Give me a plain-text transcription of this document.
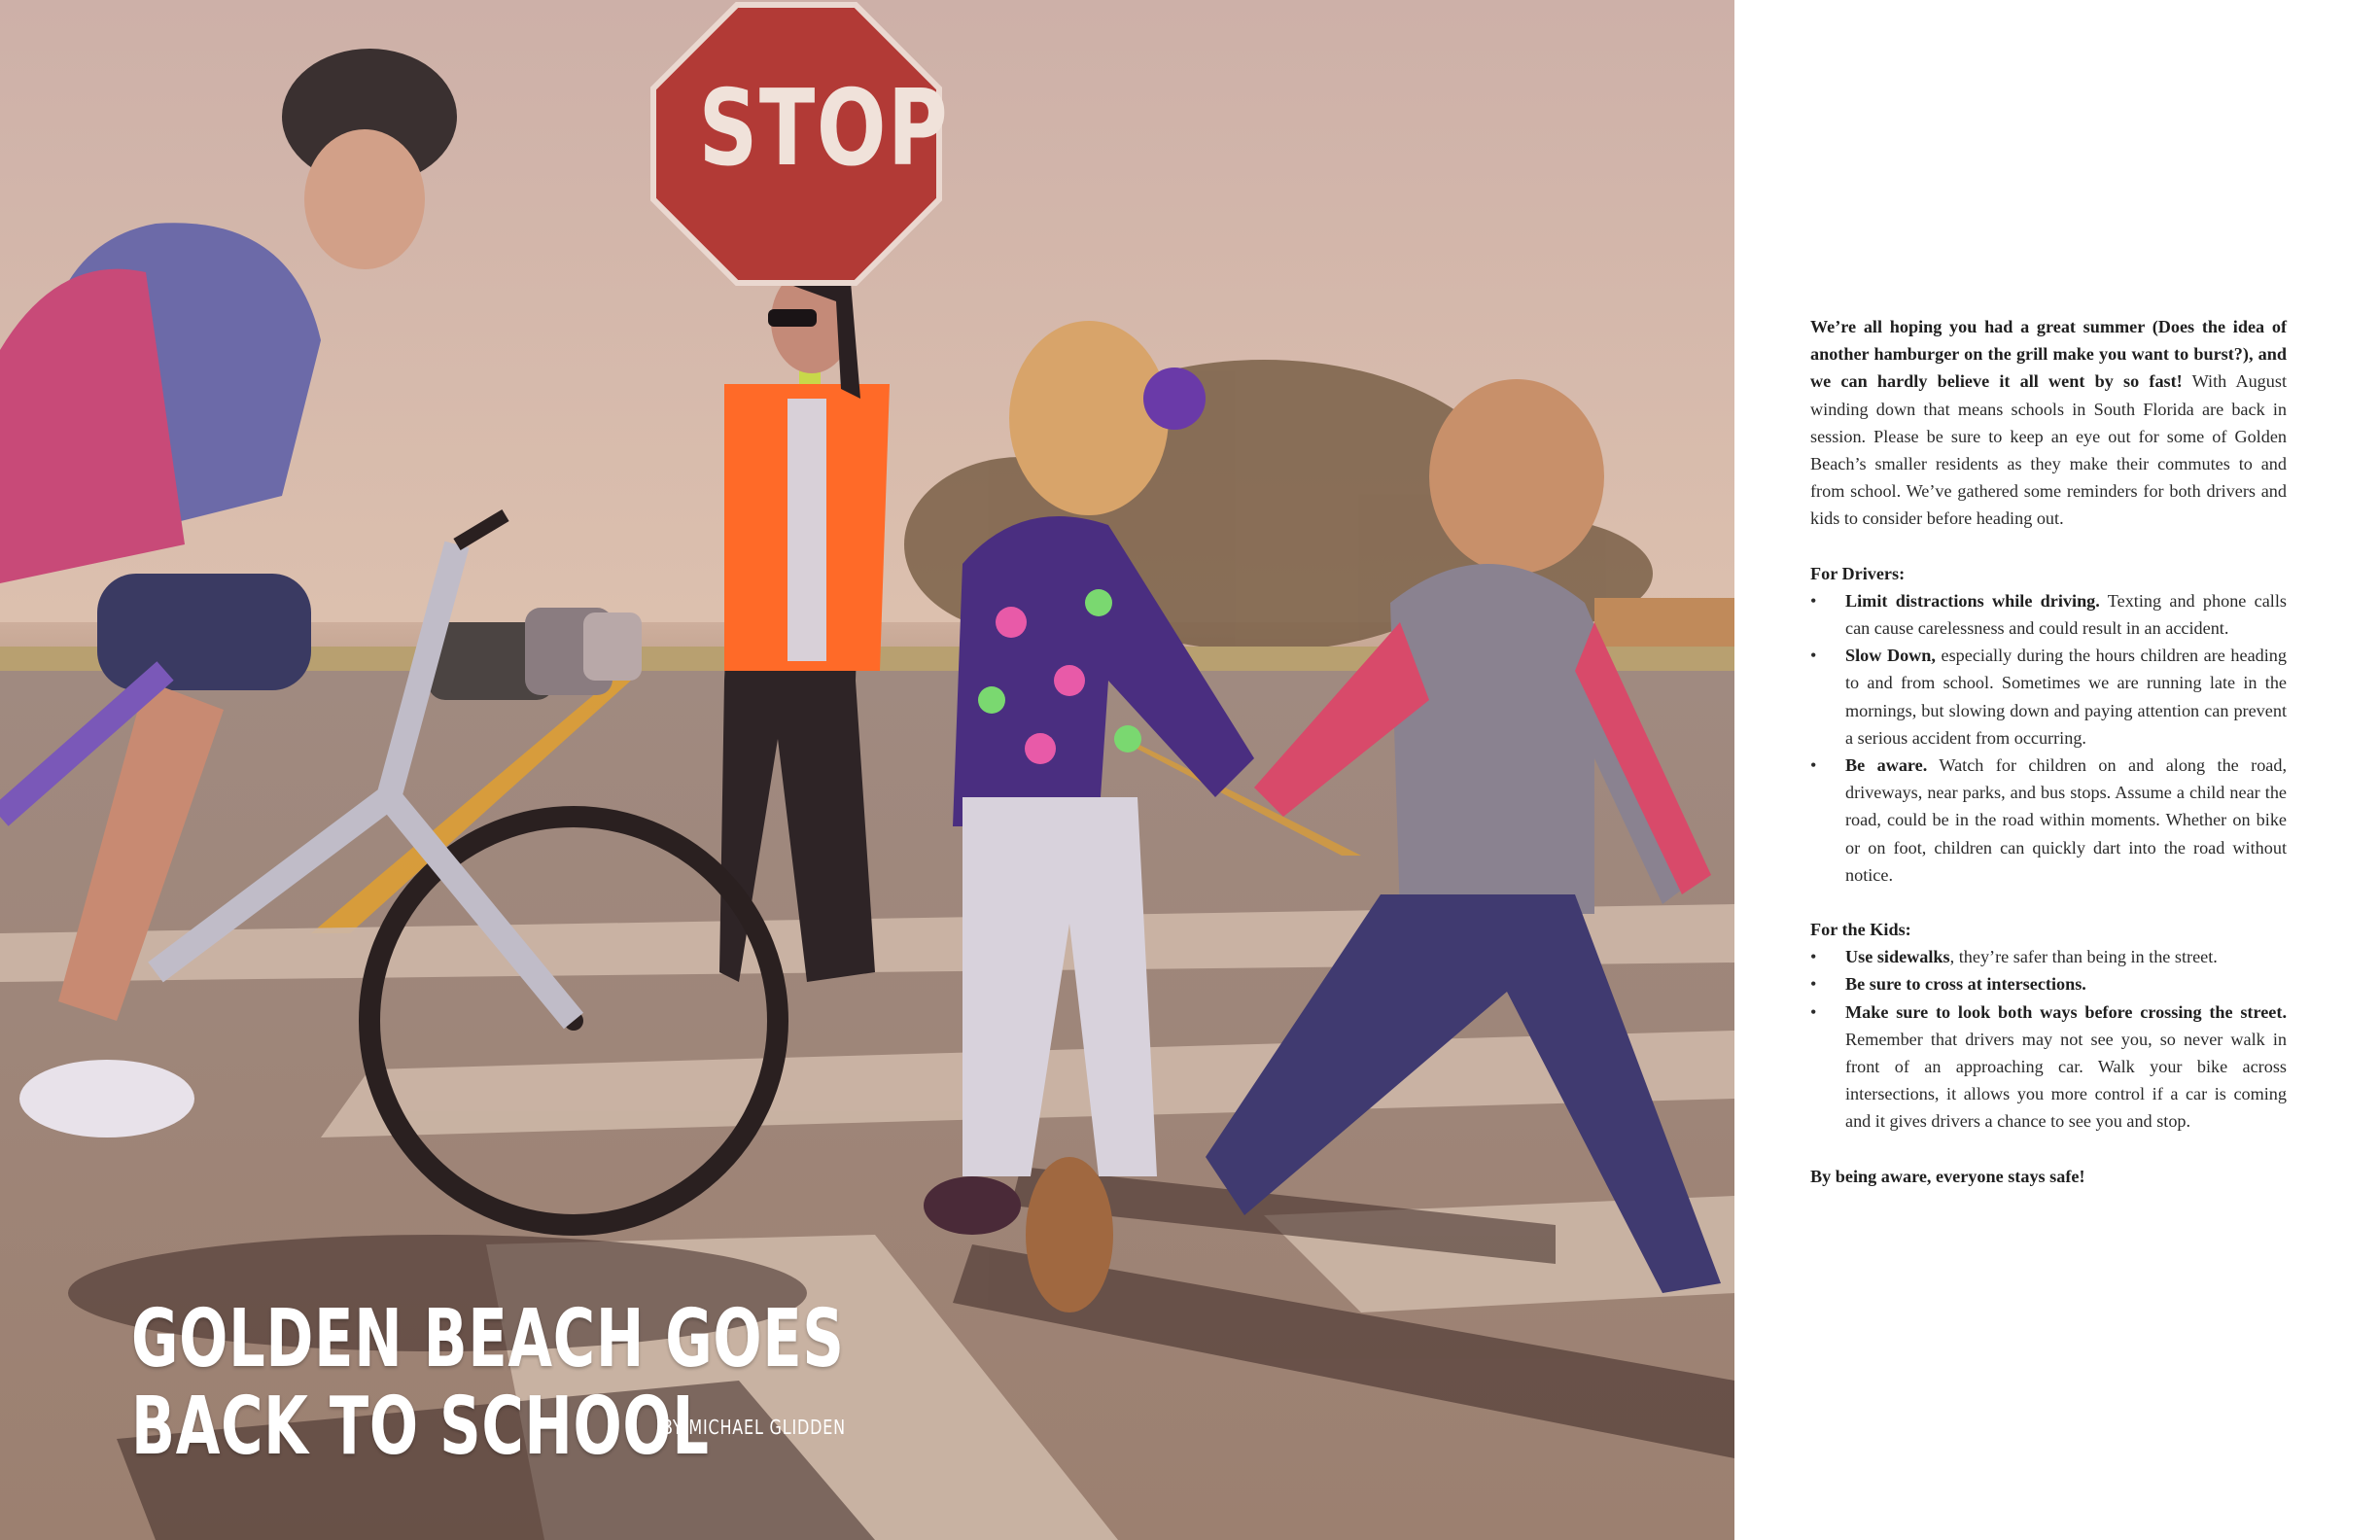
STOP
GOLDEN BEACH GOES
BACK TO SCHOOL
BY MICHAEL GLIDDEN

We’re all hoping you had a great summer (Does the idea of another hamburger on the grill make you want to burst?), and we can hardly believe it all went by so fast! With August winding down that means schools in South Florida are back in session. Please be sure to keep an eye out for some of Golden Beach’s smaller residents as they make their commutes to and from school. We’ve gathered some reminders for both drivers and kids to consider before heading out.

For Drivers:
• Limit distractions while driving. Texting and phone calls can cause carelessness and could result in an accident.
• Slow Down, especially during the hours children are heading to and from school. Sometimes we are running late in the mornings, but slowing down and paying attention can prevent a serious accident from occurring.
• Be aware. Watch for children on and along the road, driveways, near parks, and bus stops. Assume a child near the road, could be in the road within moments. Whether on bike or on foot, children can quickly dart into the road without notice.
For the Kids:
• Use sidewalks, they’re safer than being in the street.
• Be sure to cross at intersections.
• Make sure to look both ways before crossing the street. Remember that drivers may not see you, so never walk in front of an approaching car. Walk your bike across intersections, it allows you more control if a car is coming and it gives drivers a chance to see you and stop.
By being aware, everyone stays safe!
